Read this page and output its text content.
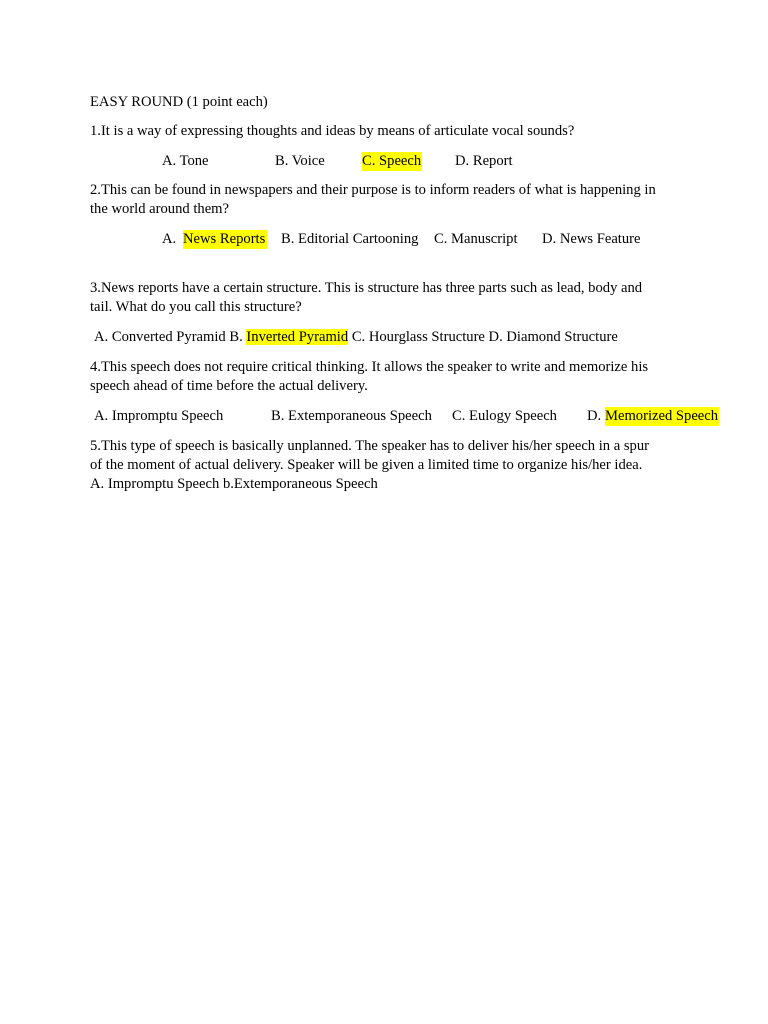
EASY ROUND (1 point each)
1.It is a way of expressing thoughts and ideas by means of articulate vocal sounds?
A. Tone	B. Voice	C. Speech D. Report
2.This can be found in newspapers and their purpose is to inform readers of what is happening in
the world around them?
A. News Reports B. Editorial Cartooning C. Manuscript D. News Feature
3.News reports have a certain structure. This is structure has three parts such as lead, body and
tail. What do you call this structure?
A. Converted Pyramid B. Inverted Pyramid C. Hourglass Structure D. Diamond Structure
4.This speech does not require critical thinking. It allows the speaker to write and memorize his
speech ahead of time before the actual delivery.
A. Impromptu Speech	B. Extemporaneous Speech C. Eulogy Speech D. Memorized Speech
5.This type of speech is basically unplanned. The speaker has to deliver his/her speech in a spur
of the moment of actual delivery. Speaker will be given a limited time to organize his/her idea.
A. Impromptu Speech b.Extemporaneous Speech
